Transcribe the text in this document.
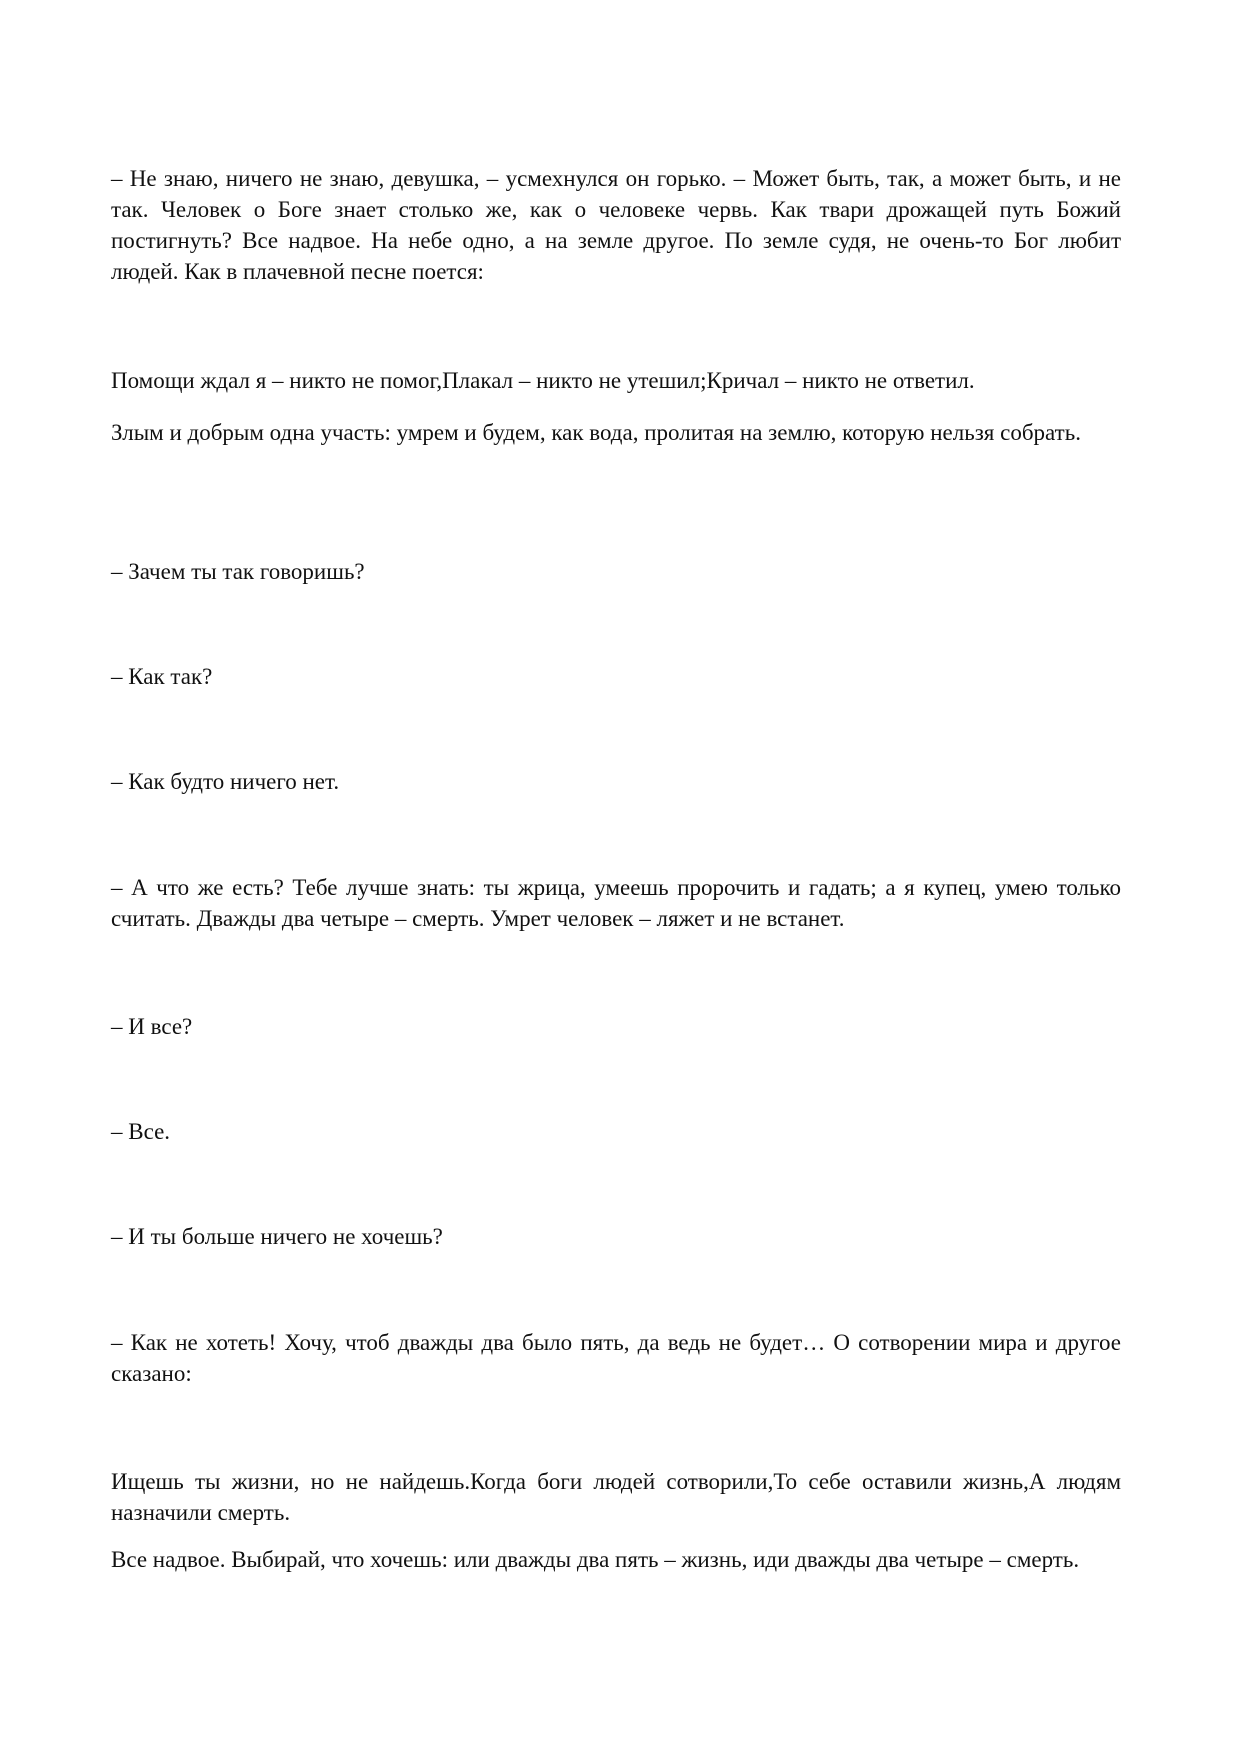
– Не знаю, ничего не знаю, девушка, – усмехнулся он горько. – Может быть, так, а может быть, и не так. Человек о Боге знает столько же, как о человеке червь. Как твари дрожащей путь Божий постигнуть? Все надвое. На небе одно, а на земле другое. По земле судя, не очень-то Бог любит людей. Как в плачевной песне поется:

Помощи ждал я – никто не помог,Плакал – никто не утешил;Кричал – никто не ответил.

Злым и добрым одна участь: умрем и будем, как вода, пролитая на землю, которую нельзя собрать.

– Зачем ты так говоришь?

– Как так?

– Как будто ничего нет.

– А что же есть? Тебе лучше знать: ты жрица, умеешь пророчить и гадать; а я купец, умею только считать. Дважды два четыре – смерть. Умрет человек – ляжет и не встанет.

– И все?

– Все.

– И ты больше ничего не хочешь?

– Как не хотеть! Хочу, чтоб дважды два было пять, да ведь не будет… О сотворении мира и другое сказано:

Ищешь ты жизни, но не найдешь.Когда боги людей сотворили,То себе оставили жизнь,А людям назначили смерть.

Все надвое. Выбирай, что хочешь: или дважды два пять – жизнь, иди дважды два четыре – смерть.
